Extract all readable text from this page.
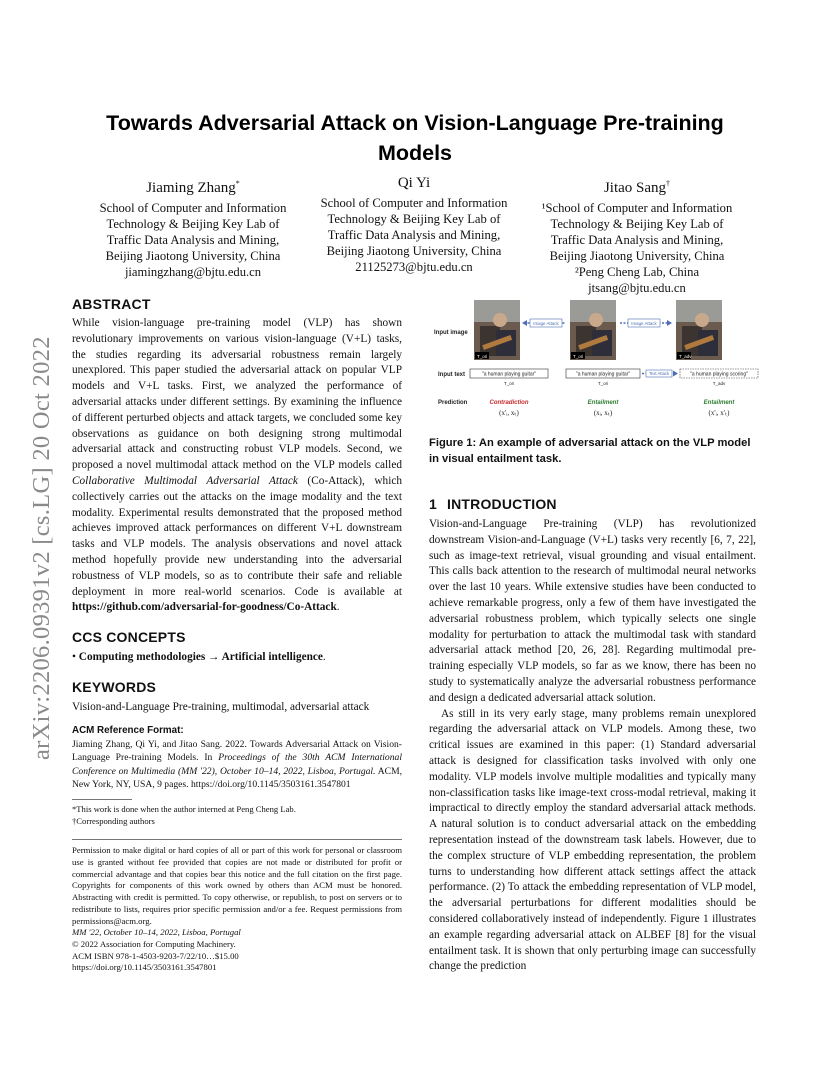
arXiv:2206.09391v2 [cs.LG] 20 Oct 2022
Towards Adversarial Attack on Vision-Language Pre-training Models
Jiaming Zhang*
School of Computer and Information
Technology & Beijing Key Lab of
Traffic Data Analysis and Mining,
Beijing Jiaotong University, China
jiamingzhang@bjtu.edu.cn
Qi Yi
School of Computer and Information
Technology & Beijing Key Lab of
Traffic Data Analysis and Mining,
Beijing Jiaotong University, China
21125273@bjtu.edu.cn
Jitao Sang†
¹School of Computer and Information
Technology & Beijing Key Lab of
Traffic Data Analysis and Mining,
Beijing Jiaotong University, China
²Peng Cheng Lab, China
jtsang@bjtu.edu.cn
ABSTRACT

While vision-language pre-training model (VLP) has shown revolutionary improvements on various vision-language (V+L) tasks, the studies regarding its adversarial robustness remain largely unexplored. This paper studied the adversarial attack on popular VLP models and V+L tasks. First, we analyzed the performance of adversarial attacks under different settings. By examining the influence of different perturbed objects and attack targets, we concluded some key observations as guidance on both designing strong multimodal adversarial attack and constructing robust VLP models. Second, we proposed a novel multimodal attack method on the VLP models called Collaborative Multimodal Adversarial Attack (Co-Attack), which collectively carries out the attacks on the image modality and the text modality. Experimental results demonstrated that the proposed method achieves improved attack performances on different V+L downstream tasks and VLP models. The analysis observations and novel attack method hopefully provide new understanding into the adversarial robustness of VLP models, so as to contribute their safe and reliable deployment in more real-world scenarios. Code is available at https://github.com/adversarial-for-goodness/Co-Attack.

CCS CONCEPTS

• Computing methodologies → Artificial intelligence.

KEYWORDS

Vision-and-Language Pre-training, multimodal, adversarial attack

ACM Reference Format:

Jiaming Zhang, Qi Yi, and Jitao Sang. 2022. Towards Adversarial Attack on Vision-Language Pre-training Models. In Proceedings of the 30th ACM International Conference on Multimedia (MM '22), October 10–14, 2022, Lisboa, Portugal. ACM, New York, NY, USA, 9 pages. https://doi.org/10.1145/3503161.3547801

*This work is done when the author interned at Peng Cheng Lab.
†Corresponding authors

Permission to make digital or hard copies of all or part of this work for personal or classroom use is granted without fee provided that copies are not made or distributed for profit or commercial advantage and that copies bear this notice and the full citation on the first page. Copyrights for components of this work owned by others than ACM must be honored. Abstracting with credit is permitted. To copy otherwise, or republish, to post on servers or to redistribute to lists, requires prior specific permission and/or a fee. Request permissions from permissions@acm.org.

MM '22, October 10–14, 2022, Lisboa, Portugal
© 2022 Association for Computing Machinery.
ACM ISBN 978-1-4503-9203-7/22/10…$15.00
https://doi.org/10.1145/3503161.3547801
Input image
Input text
Prediction
T_ori
Image Attack
T_ori
Image Attack
T_adv
"a human playing guitar"
T_ori
"a human playing guitar"
T_ori
Text Attack	"a human playing scoring"
T_adv
Contradiction
(x'ᵢ, xₜ)
Entailment
(xᵢ, xₜ)
Entailment
(x'ᵢ, x'ₜ)
Figure 1: An example of adversarial attack on the VLP model in visual entailment task.
1 INTRODUCTION

Vision-and-Language Pre-training (VLP) has revolutionized downstream Vision-and-Language (V+L) tasks very recently [6, 7, 22], such as image-text retrieval, visual grounding and visual entailment. This calls back attention to the research of multimodal neural networks over the last 10 years. While extensive studies have been conducted to achieve remarkable progress, only a few of them have investigated the adversarial robustness problem, which typically selects one single modality for perturbation to attack the multimodal task with standard adversarial attack method [20, 26, 28]. Regarding multimodal pre-training especially VLP models, so far as we know, there has been no study to systematically analyze the adversarial robustness performance and design a dedicated adversarial attack solution.

As still in its very early stage, many problems remain unexplored regarding the adversarial attack on VLP models. Among these, two critical issues are examined in this paper: (1) Standard adversarial attack is designed for classification tasks involved with only one modality. VLP models involve multiple modalities and typically many non-classification tasks like image-text cross-modal retrieval, making it impractical to directly employ the standard adversarial attack methods. A natural solution is to conduct adversarial attack on the embedding representation instead of the downstream task labels. However, due to the complex structure of VLP embedding representation, the problem turns to understanding how different attack settings affect the attack performance. (2) To attack the embedding representation of VLP model, the adversarial perturbations for different modalities should be considered collaboratively instead of independently. Figure 1 illustrates an example regarding adversarial attack on ALBEF [8] for the visual entailment task. It is shown that only perturbing image can successfully change the prediction
